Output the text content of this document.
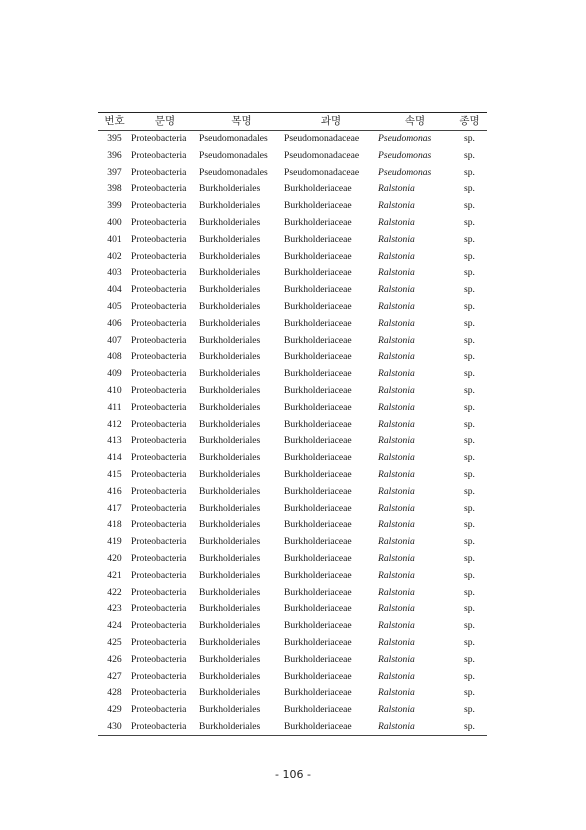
번호	문명	목명	과명	속명	종명
395	Proteobacteria	Pseudomonadales	Pseudomonadaceae	Pseudomonas	sp.
396	Proteobacteria	Pseudomonadales	Pseudomonadaceae	Pseudomonas	sp.
397	Proteobacteria	Pseudomonadales	Pseudomonadaceae	Pseudomonas	sp.
398	Proteobacteria	Burkholderiales	Burkholderiaceae	Ralstonia	sp.
399	Proteobacteria	Burkholderiales	Burkholderiaceae	Ralstonia	sp.
400	Proteobacteria	Burkholderiales	Burkholderiaceae	Ralstonia	sp.
401	Proteobacteria	Burkholderiales	Burkholderiaceae	Ralstonia	sp.
402	Proteobacteria	Burkholderiales	Burkholderiaceae	Ralstonia	sp.
403	Proteobacteria	Burkholderiales	Burkholderiaceae	Ralstonia	sp.
404	Proteobacteria	Burkholderiales	Burkholderiaceae	Ralstonia	sp.
405	Proteobacteria	Burkholderiales	Burkholderiaceae	Ralstonia	sp.
406	Proteobacteria	Burkholderiales	Burkholderiaceae	Ralstonia	sp.
407	Proteobacteria	Burkholderiales	Burkholderiaceae	Ralstonia	sp.
408	Proteobacteria	Burkholderiales	Burkholderiaceae	Ralstonia	sp.
409	Proteobacteria	Burkholderiales	Burkholderiaceae	Ralstonia	sp.
410	Proteobacteria	Burkholderiales	Burkholderiaceae	Ralstonia	sp.
411	Proteobacteria	Burkholderiales	Burkholderiaceae	Ralstonia	sp.
412	Proteobacteria	Burkholderiales	Burkholderiaceae	Ralstonia	sp.
413	Proteobacteria	Burkholderiales	Burkholderiaceae	Ralstonia	sp.
414	Proteobacteria	Burkholderiales	Burkholderiaceae	Ralstonia	sp.
415	Proteobacteria	Burkholderiales	Burkholderiaceae	Ralstonia	sp.
416	Proteobacteria	Burkholderiales	Burkholderiaceae	Ralstonia	sp.
417	Proteobacteria	Burkholderiales	Burkholderiaceae	Ralstonia	sp.
418	Proteobacteria	Burkholderiales	Burkholderiaceae	Ralstonia	sp.
419	Proteobacteria	Burkholderiales	Burkholderiaceae	Ralstonia	sp.
420	Proteobacteria	Burkholderiales	Burkholderiaceae	Ralstonia	sp.
421	Proteobacteria	Burkholderiales	Burkholderiaceae	Ralstonia	sp.
422	Proteobacteria	Burkholderiales	Burkholderiaceae	Ralstonia	sp.
423	Proteobacteria	Burkholderiales	Burkholderiaceae	Ralstonia	sp.
424	Proteobacteria	Burkholderiales	Burkholderiaceae	Ralstonia	sp.
425	Proteobacteria	Burkholderiales	Burkholderiaceae	Ralstonia	sp.
426	Proteobacteria	Burkholderiales	Burkholderiaceae	Ralstonia	sp.
427	Proteobacteria	Burkholderiales	Burkholderiaceae	Ralstonia	sp.
428	Proteobacteria	Burkholderiales	Burkholderiaceae	Ralstonia	sp.
429	Proteobacteria	Burkholderiales	Burkholderiaceae	Ralstonia	sp.
430	Proteobacteria	Burkholderiales	Burkholderiaceae	Ralstonia	sp.
- 106 -
